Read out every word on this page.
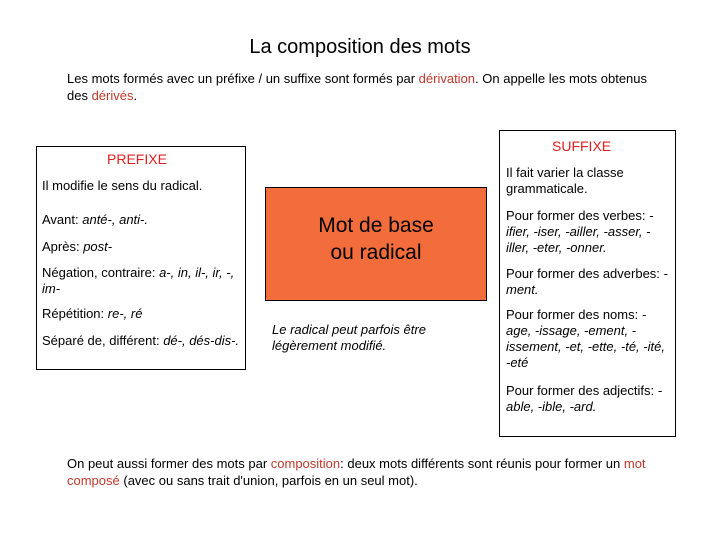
La composition des mots
Les mots formés avec un préfixe / un suffixe sont formés par dérivation. On appelle les mots obtenus des dérivés.
PREFIXE
Il modifie le sens du radical.
Avant: anté-, anti-.
Après: post-
Négation, contraire: a-, in, il-, ir, -, im-
Répétition: re-, ré
Séparé de, différent: dé-, dés-dis-.
Mot de base
ou radical
Le radical peut parfois être légèrement modifié.
SUFFIXE
Il fait varier la classe grammaticale.
Pour former des verbes: -ifier, -iser, -ailler, -asser, -iller, -eter, -onner.
Pour former des adverbes: -ment.
Pour former des noms: -age, -issage, -ement, -issement, -et, -ette, -té, -ité, -eté
Pour former des adjectifs: -able, -ible, -ard.
On peut aussi former des mots par composition: deux mots différents sont réunis pour former un mot composé (avec ou sans trait d'union, parfois en un seul mot).
